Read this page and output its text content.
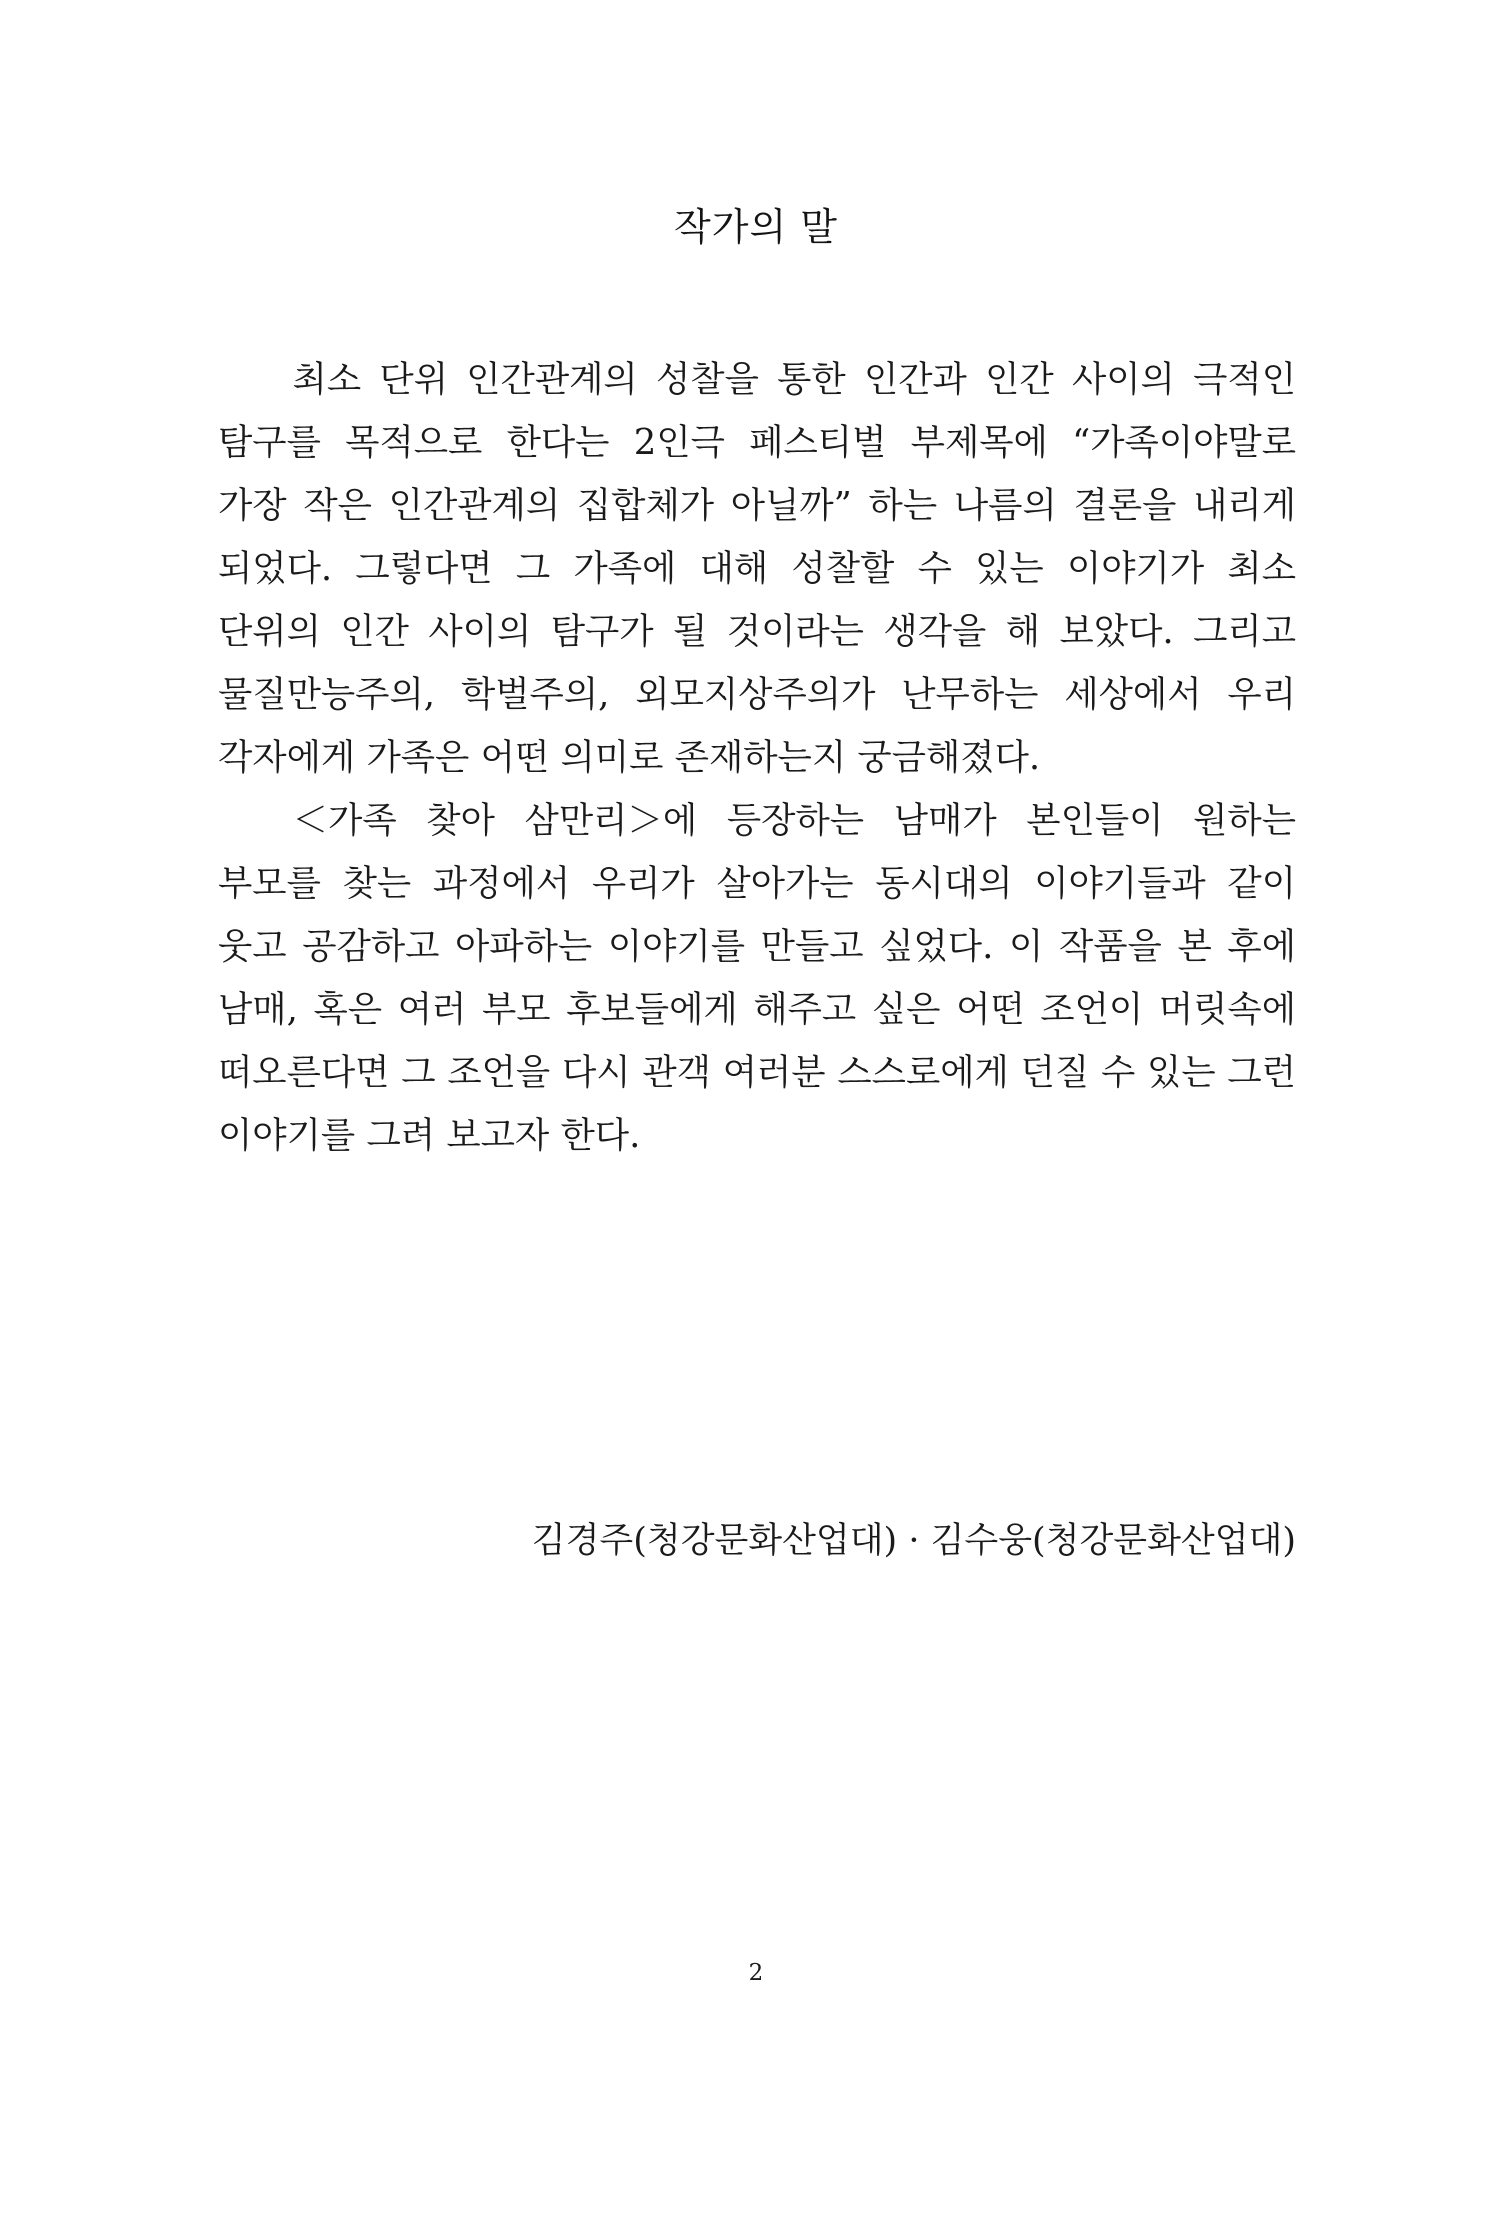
작가의 말

최소 단위 인간관계의 성찰을 통한 인간과 인간 사이의 극적인 탐구를 목적으로 한다는 2인극 페스티벌 부제목에 “가족이야말로 가장 작은 인간관계의 집합체가 아닐까” 하는 나름의 결론을 내리게 되었다. 그렇다면 그 가족에 대해 성찰할 수 있는 이야기가 최소 단위의 인간 사이의 탐구가 될 것이라는 생각을 해 보았다. 그리고 물질만능주의, 학벌주의, 외모지상주의가 난무하는 세상에서 우리 각자에게 가족은 어떤 의미로 존재하는지 궁금해졌다.

＜가족 찾아 삼만리＞에 등장하는 남매가 본인들이 원하는 부모를 찾는 과정에서 우리가 살아가는 동시대의 이야기들과 같이 웃고 공감하고 아파하는 이야기를 만들고 싶었다. 이 작품을 본 후에 남매, 혹은 여러 부모 후보들에게 해주고 싶은 어떤 조언이 머릿속에 떠오른다면 그 조언을 다시 관객 여러분 스스로에게 던질 수 있는 그런 이야기를 그려 보고자 한다.

김경주(청강문화산업대) · 김수웅(청강문화산업대)
2
